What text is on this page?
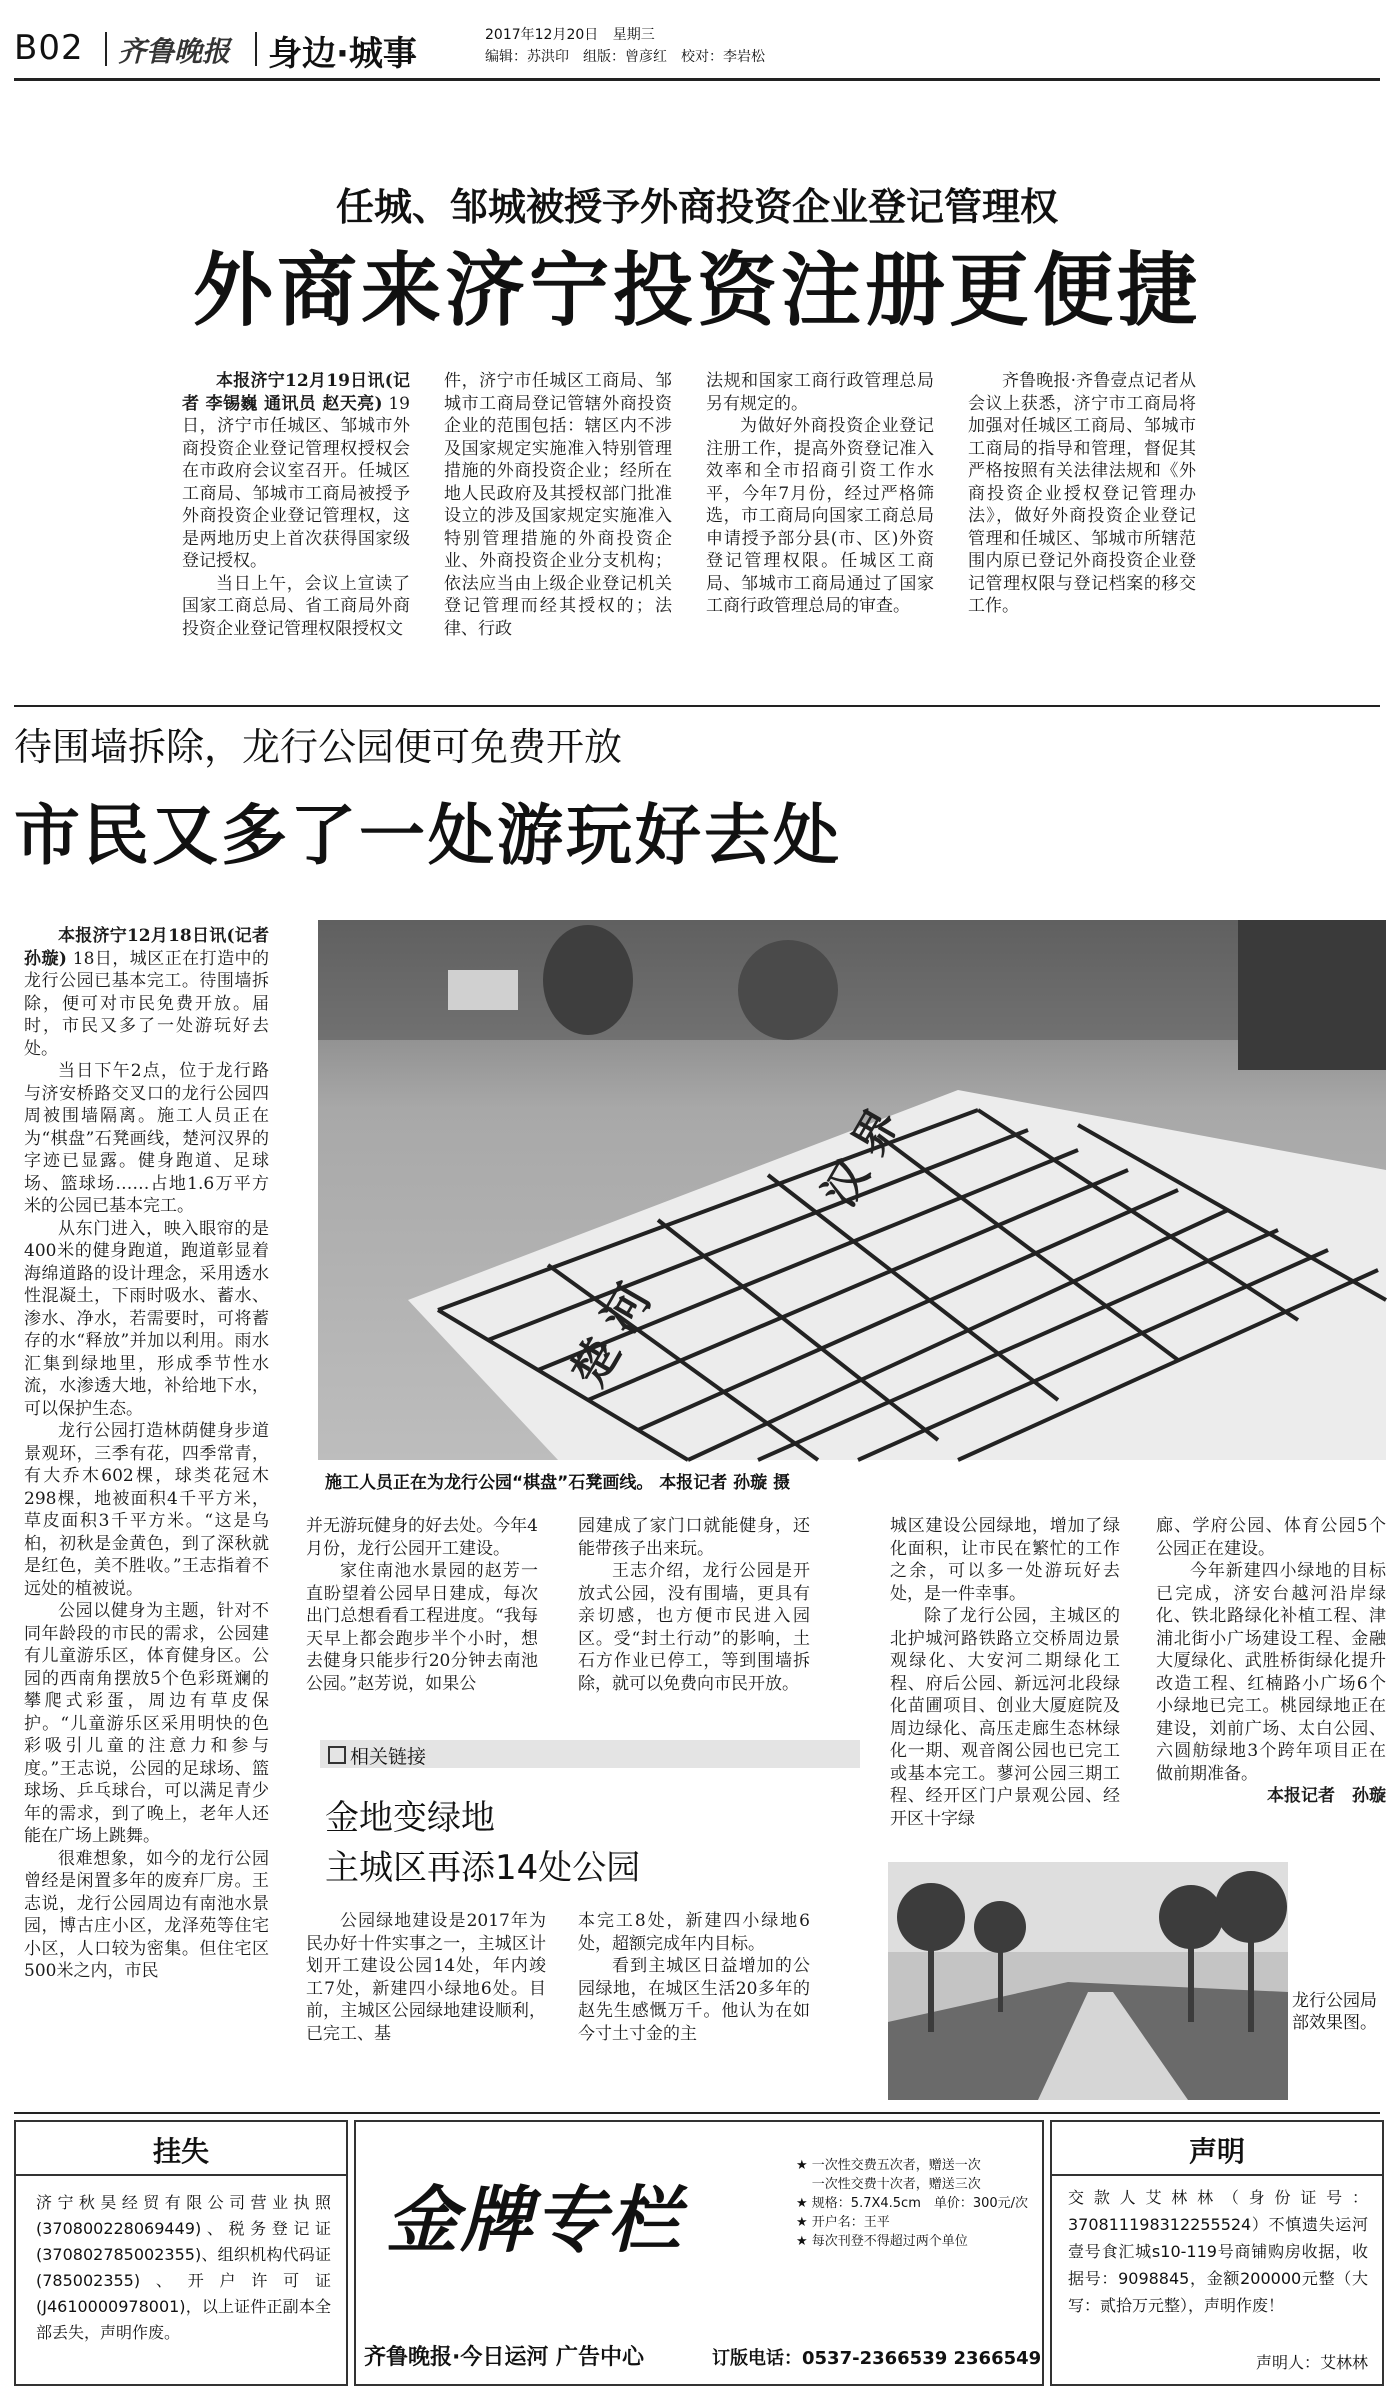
B02 齐鲁晚报 身边·城事	2017年12月20日 星期三
编辑：苏洪印　组版：曾彦红　校对：李岩松
任城、邹城被授予外商投资企业登记管理权
外商来济宁投资注册更便捷

本报济宁12月19日讯(记者 李锡巍 通讯员 赵天亮) 19日，济宁市任城区、邹城市外商投资企业登记管理权授权会在市政府会议室召开。任城区工商局、邹城市工商局被授予外商投资企业登记管理权，这是两地历史上首次获得国家级登记授权。

当日上午，会议上宣读了国家工商总局、省工商局外商投资企业登记管理权限授权文

件，济宁市任城区工商局、邹城市工商局登记管辖外商投资企业的范围包括：辖区内不涉及国家规定实施准入特别管理措施的外商投资企业；经所在地人民政府及其授权部门批准设立的涉及国家规定实施准入特别管理措施的外商投资企业、外商投资企业分支机构；依法应当由上级企业登记机关登记管理而经其授权的；法律、行政

法规和国家工商行政管理总局另有规定的。

为做好外商投资企业登记注册工作，提高外资登记准入效率和全市招商引资工作水平，今年7月份，经过严格筛选，市工商局向国家工商总局申请授予部分县(市、区)外资登记管理权限。任城区工商局、邹城市工商局通过了国家工商行政管理总局的审查。

齐鲁晚报·齐鲁壹点记者从会议上获悉，济宁市工商局将加强对任城区工商局、邹城市工商局的指导和管理，督促其严格按照有关法律法规和《外商投资企业授权登记管理办法》，做好外商投资企业登记管理和任城区、邹城市所辖范围内原已登记外商投资企业登记管理权限与登记档案的移交工作。

待围墙拆除，龙行公园便可免费开放
市民又多了一处游玩好去处

本报济宁12月18日讯(记者 孙璇) 18日，城区正在打造中的龙行公园已基本完工。待围墙拆除，便可对市民免费开放。届时，市民又多了一处游玩好去处。

当日下午2点，位于龙行路与济安桥路交叉口的龙行公园四周被围墙隔离。施工人员正在为“棋盘”石凳画线，楚河汉界的字迹已显露。健身跑道、足球场、篮球场……占地1.6万平方米的公园已基本完工。

从东门进入，映入眼帘的是400米的健身跑道，跑道彰显着海绵道路的设计理念，采用透水性混凝土，下雨时吸水、蓄水、渗水、净水，若需要时，可将蓄存的水“释放”并加以利用。雨水汇集到绿地里，形成季节性水流，水渗透大地，补给地下水，可以保护生态。

龙行公园打造林荫健身步道景观环，三季有花，四季常青，有大乔木602棵，球类花冠木298棵，地被面积4千平方米，草皮面积3千平方米。“这是乌桕，初秋是金黄色，到了深秋就是红色，美不胜收。”王志指着不远处的植被说。

公园以健身为主题，针对不同年龄段的市民的需求，公园建有儿童游乐区，体育健身区。公园的西南角摆放5个色彩斑斓的攀爬式彩蛋，周边有草皮保护。“儿童游乐区采用明快的色彩吸引儿童的注意力和参与度。”王志说，公园的足球场、篮球场、乒乓球台，可以满足青少年的需求，到了晚上，老年人还能在广场上跳舞。

很难想象，如今的龙行公园曾经是闲置多年的废弃厂房。王志说，龙行公园周边有南池水景园，博古庄小区，龙泽苑等住宅小区，人口较为密集。但住宅区500米之内，市民

楚 河
汉 界
施工人员正在为龙行公园“棋盘”石凳画线。 本报记者 孙璇 摄

并无游玩健身的好去处。今年4月份，龙行公园开工建设。

家住南池水景园的赵芳一直盼望着公园早日建成，每次出门总想看看工程进度。“我每天早上都会跑步半个小时，想去健身只能步行20分钟去南池公园。”赵芳说，如果公

园建成了家门口就能健身，还能带孩子出来玩。

王志介绍，龙行公园是开放式公园，没有围墙，更具有亲切感，也方便市民进入园区。受“封土行动”的影响，土石方作业已停工，等到围墙拆除，就可以免费向市民开放。

相关链接
金地变绿地
主城区再添14处公园

公园绿地建设是2017年为民办好十件实事之一，主城区计划开工建设公园14处，年内竣工7处，新建四小绿地6处。目前，主城区公园绿地建设顺利，已完工、基

本完工8处，新建四小绿地6处，超额完成年内目标。

看到主城区日益增加的公园绿地，在城区生活20多年的赵先生感慨万千。他认为在如今寸土寸金的主

城区建设公园绿地，增加了绿化面积，让市民在繁忙的工作之余，可以多一处游玩好去处，是一件幸事。

除了龙行公园，主城区的北护城河路铁路立交桥周边景观绿化、大安河二期绿化工程、府后公园、新远河北段绿化苗圃项目、创业大厦庭院及周边绿化、高压走廊生态林绿化一期、观音阁公园也已完工或基本完工。蓼河公园三期工程、经开区门户景观公园、经开区十字绿

廊、学府公园、体育公园5个公园正在建设。

今年新建四小绿地的目标已完成，济安台越河沿岸绿化、铁北路绿化补植工程、津浦北街小广场建设工程、金融大厦绿化、武胜桥街绿化提升改造工程、红楠路小广场6个小绿地已完工。桃园绿地正在建设，刘前广场、太白公园、六圆舫绿地3个跨年项目正在做前期准备。

本报记者　孙璇

龙行公园局部效果图。
挂失
济宁秋昊经贸有限公司营业执照(370800228069449)、税务登记证(370802785002355)、组织机构代码证(785002355)、开户许可证(J4610000978001)，以上证件正副本全部丢失，声明作废。
金牌专栏
★ 一次性交费五次者，赠送一次
一次性交费十次者，赠送三次
★ 规格：5.7X4.5cm　单价：300元/次
★ 开户名：王平
★ 每次刊登不得超过两个单位
齐鲁晚报·今日运河 广告中心	订版电话：0537-2366539 2366549
声明
交款人艾林林（身份证号：370811198312255524）不慎遗失运河壹号食汇城s10-119号商铺购房收据，收据号：9098845，金额200000元整（大写：贰拾万元整），声明作废！
声明人：艾林林
